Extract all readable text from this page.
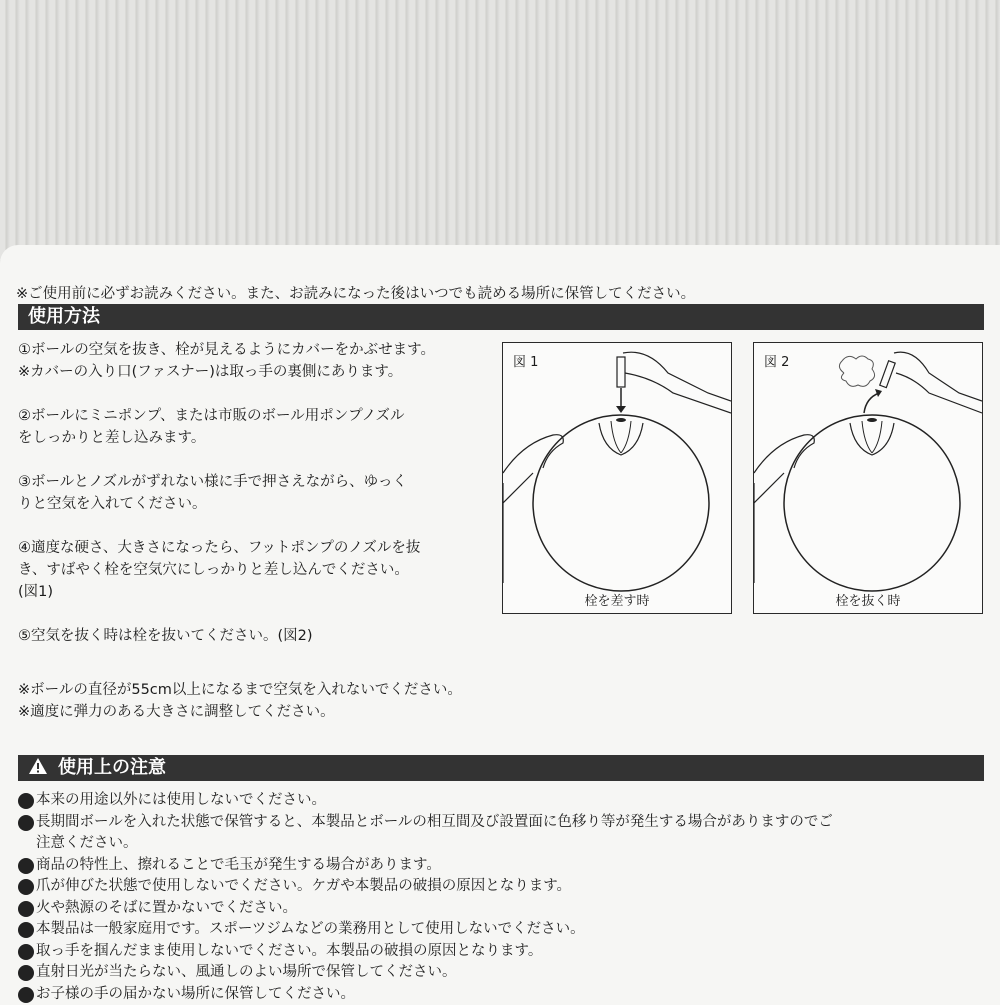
※ご使用前に必ずお読みください。また、お読みになった後はいつでも読める場所に保管してください。
使用方法

①ボールの空気を抜き、栓が見えるようにカバーをかぶせます。

※カバーの入り口(ファスナー)は取っ手の裏側にあります。

②ボールにミニポンプ、または市販のボール用ポンプノズル

をしっかりと差し込みます。

③ボールとノズルがずれない様に手で押さえながら、ゆっく

りと空気を入れてください。

④適度な硬さ、大きさになったら、フットポンプのノズルを抜

き、すばやく栓を空気穴にしっかりと差し込んでください。

(図1)

⑤空気を抜く時は栓を抜いてください。(図2)

図 1
栓を差す時
図 2
栓を抜く時

※ボールの直径が55cm以上になるまで空気を入れないでください。

※適度に弾力のある大きさに調整してください。

使用上の注意
本来の用途以外には使用しないでください。
長期間ボールを入れた状態で保管すると、本製品とボールの相互間及び設置面に色移り等が発生する場合がありますのでご
注意ください。
商品の特性上、擦れることで毛玉が発生する場合があります。
爪が伸びた状態で使用しないでください。ケガや本製品の破損の原因となります。
火や熱源のそばに置かないでください。
本製品は一般家庭用です。スポーツジムなどの業務用として使用しないでください。
取っ手を掴んだまま使用しないでください。本製品の破損の原因となります。
直射日光が当たらない、風通しのよい場所で保管してください。
お子様の手の届かない場所に保管してください。
